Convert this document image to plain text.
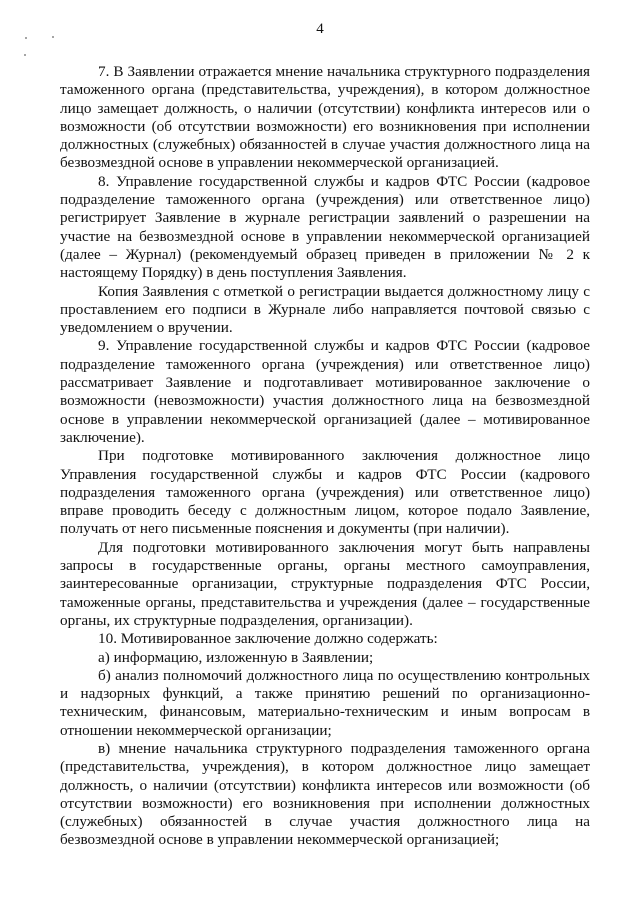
4

7. В Заявлении отражается мнение начальника структурного подразделения таможенного органа (представительства, учреждения), в котором должностное лицо замещает должность, о наличии (отсутствии) конфликта интересов или о возможности (об отсутствии возможности) его возникновения при исполнении должностных (служебных) обязанностей в случае участия должностного лица на безвозмездной основе в управлении некоммерческой организацией.

8. Управление государственной службы и кадров ФТС России (кадровое подразделение таможенного органа (учреждения) или ответственное лицо) регистрирует Заявление в журнале регистрации заявлений о разрешении на участие на безвозмездной основе в управлении некоммерческой организацией (далее – Журнал) (рекомендуемый образец приведен в приложении № 2 к настоящему Порядку) в день поступления Заявления.

Копия Заявления с отметкой о регистрации выдается должностному лицу с проставлением его подписи в Журнале либо направляется почтовой связью с уведомлением о вручении.

9. Управление государственной службы и кадров ФТС России (кадровое подразделение таможенного органа (учреждения) или ответственное лицо) рассматривает Заявление и подготавливает мотивированное заключение о возможности (невозможности) участия должностного лица на безвозмездной основе в управлении некоммерческой организацией (далее – мотивированное заключение).

При подготовке мотивированного заключения должностное лицо Управления государственной службы и кадров ФТС России (кадрового подразделения таможенного органа (учреждения) или ответственное лицо) вправе проводить беседу с должностным лицом, которое подало Заявление, получать от него письменные пояснения и документы (при наличии).

Для подготовки мотивированного заключения могут быть направлены запросы в государственные органы, органы местного самоуправления, заинтересованные организации, структурные подразделения ФТС России, таможенные органы, представительства и учреждения (далее – государственные органы, их структурные подразделения, организации).

10. Мотивированное заключение должно содержать:

а) информацию, изложенную в Заявлении;

б) анализ полномочий должностного лица по осуществлению контрольных и надзорных функций, а также принятию решений по организационно-техническим, финансовым, материально-техническим и иным вопросам в отношении некоммерческой организации;

в) мнение начальника структурного подразделения таможенного органа (представительства, учреждения), в котором должностное лицо замещает должность, о наличии (отсутствии) конфликта интересов или возможности (об отсутствии возможности) его возникновения при исполнении должностных (служебных) обязанностей в случае участия должностного лица на безвозмездной основе в управлении некоммерческой организацией;
